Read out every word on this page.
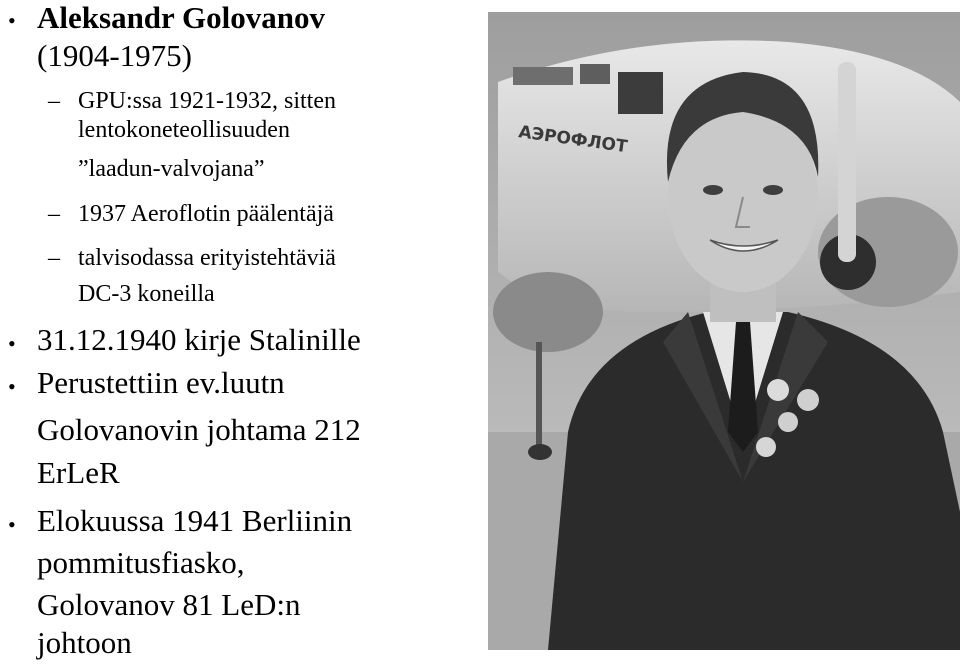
• Aleksandr Golovanov
(1904-1975)
– GPU:ssa 1921-1932, sitten
lentokoneteollisuuden
”laadun-valvojana”
– 1937 Aeroflotin päälentäjä
– talvisodassa erityistehtäviä
DC-3 koneilla
• 31.12.1940 kirje Stalinille
• Perustettiin ev.luutn
Golovanovin johtama 212
ErLeR
• Elokuussa 1941 Berliinin
pommitusfiasko,
Golovanov 81 LeD:n
johtoon
АЭРОФЛОТ
